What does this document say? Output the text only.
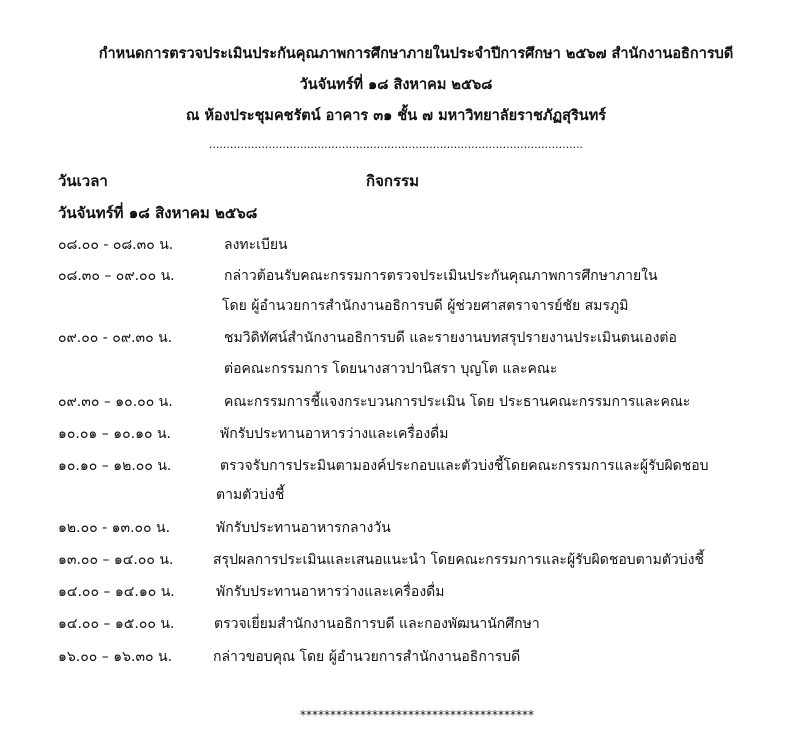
กำหนดการตรวจประเมินประกันคุณภาพการศึกษาภายในประจำปีการศึกษา ๒๕๖๗ สำนักงานอธิการบดี
วันจันทร์ที่ ๑๘ สิงหาคม ๒๕๖๘
ณ ห้องประชุมคชรัตน์ อาคาร ๓๑ ชั้น ๗ มหาวิทยาลัยราชภัฏสุรินทร์
...........................................................................................................
วันเวลา	กิจกรรม
วันจันทร์ที่ ๑๘ สิงหาคม ๒๕๖๘
๐๘.๐๐ - ๐๘.๓๐ น.	ลงทะเบียน
๐๘.๓๐ – ๐๙.๐๐ น.	กล่าวต้อนรับคณะกรรมการตรวจประเมินประกันคุณภาพการศึกษาภายใน
โดย ผู้อำนวยการสำนักงานอธิการบดี ผู้ช่วยศาสตราจารย์ชัย สมรภูมิ
๐๙.๐๐ - ๐๙.๓๐ น.	ชมวิดิทัศน์สำนักงานอธิการบดี และรายงานบทสรุปรายงานประเมินตนเองต่อ
ต่อคณะกรรมการ โดยนางสาวปานิสรา บุญโต และคณะ
๐๙.๓๐ – ๑๐.๐๐ น.	คณะกรรมการชี้แจงกระบวนการประเมิน โดย ประธานคณะกรรมการและคณะ
๑๐.๐๑ – ๑๐.๑๐ น.	พักรับประทานอาหารว่างและเครื่องดื่ม
๑๐.๑๐ – ๑๒.๐๐ น.	ตรวจรับการประมินตามองค์ประกอบและตัวบ่งชี้โดยคณะกรรมการและผู้รับผิดชอบ
ตามตัวบ่งชี้
๑๒.๐๐ - ๑๓.๐๐ น.	พักรับประทานอาหารกลางวัน
๑๓.๐๐ – ๑๔.๐๐ น.	สรุปผลการประเมินและเสนอแนะนำ โดยคณะกรรมการและผู้รับผิดชอบตามตัวบ่งชี้
๑๔.๐๐ – ๑๔.๑๐ น.	พักรับประทานอาหารว่างและเครื่องดื่ม
๑๔.๐๐ – ๑๕.๐๐ น.	ตรวจเยี่ยมสำนักงานอธิการบดี และกองพัฒนานักศึกษา
๑๖.๐๐ – ๑๖.๓๐ น.	กล่าวขอบคุณ โดย ผู้อำนวยการสำนักงานอธิการบดี
***************************************
